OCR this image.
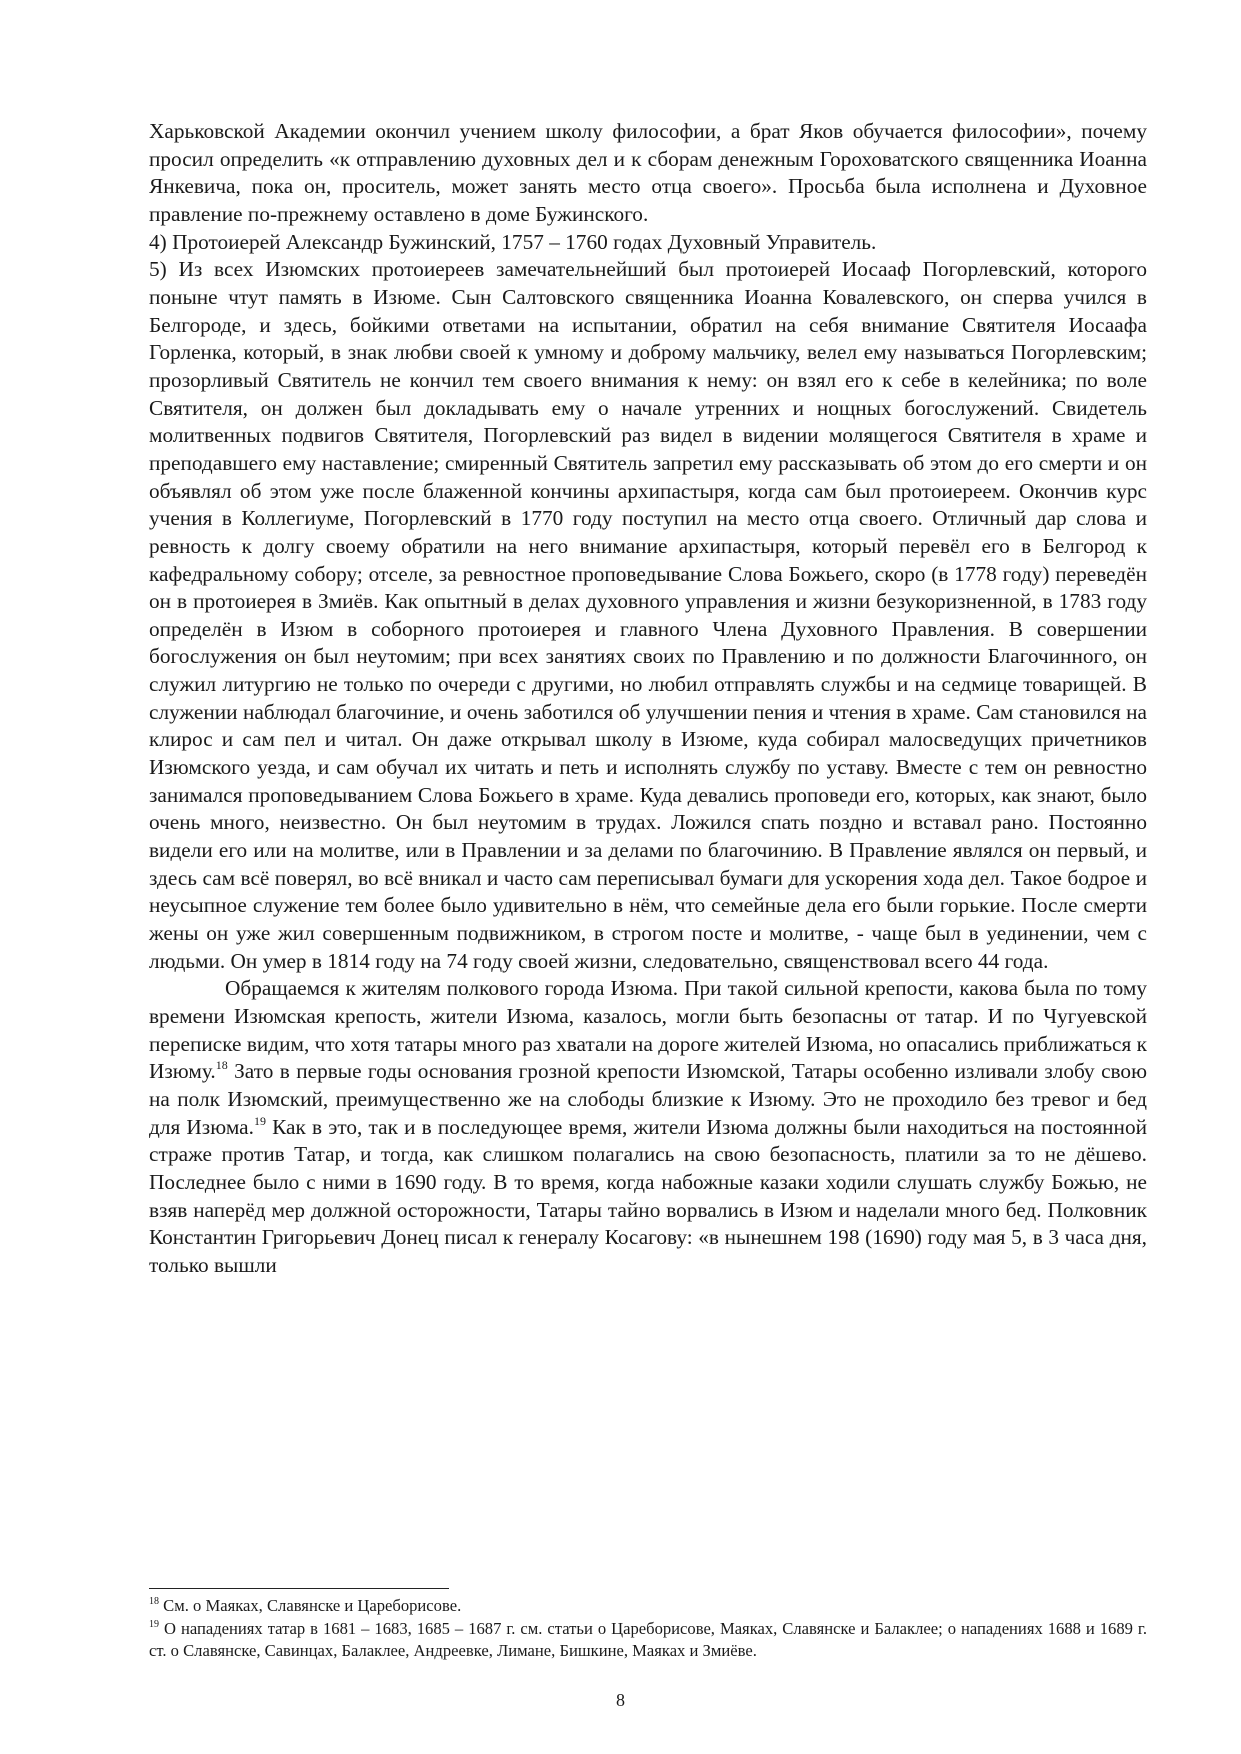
Харьковской Академии окончил учением школу философии, а брат Яков обучается философии», почему просил определить «к отправлению духовных дел и к сборам денежным Гороховатского священника Иоанна Янкевича, пока он, проситель, может занять место отца своего». Просьба была исполнена и Духовное правление по-прежнему оставлено в доме Бужинского.

4) Протоиерей Александр Бужинский, 1757 – 1760 годах Духовный Управитель.

5) Из всех Изюмских протоиереев замечательнейший был протоиерей Иосааф Погорлевский, которого поныне чтут память в Изюме. Сын Салтовского священника Иоанна Ковалевского, он сперва учился в Белгороде, и здесь, бойкими ответами на испытании, обратил на себя внимание Святителя Иосаафа Горленка, который, в знак любви своей к умному и доброму мальчику, велел ему называться Погорлевским; прозорливый Святитель не кончил тем своего внимания к нему: он взял его к себе в келейника; по воле Святителя, он должен был докладывать ему о начале утренних и нощных богослужений. Свидетель молитвенных подвигов Святителя, Погорлевский раз видел в видении молящегося Святителя в храме и преподавшего ему наставление; смиренный Святитель запретил ему рассказывать об этом до его смерти и он объявлял об этом уже после блаженной кончины архипастыря, когда сам был протоиереем. Окончив курс учения в Коллегиуме, Погорлевский в 1770 году поступил на место отца своего. Отличный дар слова и ревность к долгу своему обратили на него внимание архипастыря, который перевёл его в Белгород к кафедральному собору; отселе, за ревностное проповедывание Слова Божьего, скоро (в 1778 году) переведён он в протоиерея в Змиёв. Как опытный в делах духовного управления и жизни безукоризненной, в 1783 году определён в Изюм в соборного протоиерея и главного Члена Духовного Правления. В совершении богослужения он был неутомим; при всех занятиях своих по Правлению и по должности Благочинного, он служил литургию не только по очереди с другими, но любил отправлять службы и на седмице товарищей. В служении наблюдал благочиние, и очень заботился об улучшении пения и чтения в храме. Сам становился на клирос и сам пел и читал. Он даже открывал школу в Изюме, куда собирал малосведущих причетников Изюмского уезда, и сам обучал их читать и петь и исполнять службу по уставу. Вместе с тем он ревностно занимался проповедыванием Слова Божьего в храме. Куда девались проповеди его, которых, как знают, было очень много, неизвестно. Он был неутомим в трудах. Ложился спать поздно и вставал рано. Постоянно видели его или на молитве, или в Правлении и за делами по благочинию. В Правление являлся он первый, и здесь сам всё поверял, во всё вникал и часто сам переписывал бумаги для ускорения хода дел. Такое бодрое и неусыпное служение тем более было удивительно в нём, что семейные дела его были горькие. После смерти жены он уже жил совершенным подвижником, в строгом посте и молитве, - чаще был в уединении, чем с людьми. Он умер в 1814 году на 74 году своей жизни, следовательно, священствовал всего 44 года.

Обращаемся к жителям полкового города Изюма. При такой сильной крепости, какова была по тому времени Изюмская крепость, жители Изюма, казалось, могли быть безопасны от татар. И по Чугуевской переписке видим, что хотя татары много раз хватали на дороге жителей Изюма, но опасались приближаться к Изюму.$^{18}$ Зато в первые годы основания грозной крепости Изюмской, Татары особенно изливали злобу свою на полк Изюмский, преимущественно же на слободы близкие к Изюму. Это не проходило без тревог и бед для Изюма.$^{19}$ Как в это, так и в последующее время, жители Изюма должны были находиться на постоянной страже против Татар, и тогда, как слишком полагались на свою безопасность, платили за то не дёшево. Последнее было с ними в 1690 году. В то время, когда набожные казаки ходили слушать службу Божью, не взяв наперёд мер должной осторожности, Татары тайно ворвались в Изюм и наделали много бед. Полковник Константин Григорьевич Донец писал к генералу Косагову: «в нынешнем 198 (1690) году мая 5, в 3 часа дня, только вышли

$^{18}$ См. о Маяках, Славянске и Цареборисове.

$^{19}$ О нападениях татар в 1681 – 1683, 1685 – 1687 г. см. статьи о Цареборисове, Маяках, Славянске и Балаклее; о нападениях 1688 и 1689 г. ст. о Славянске, Савинцах, Балаклее, Андреевке, Лимане, Бишкине, Маяках и Змиёве.

8
